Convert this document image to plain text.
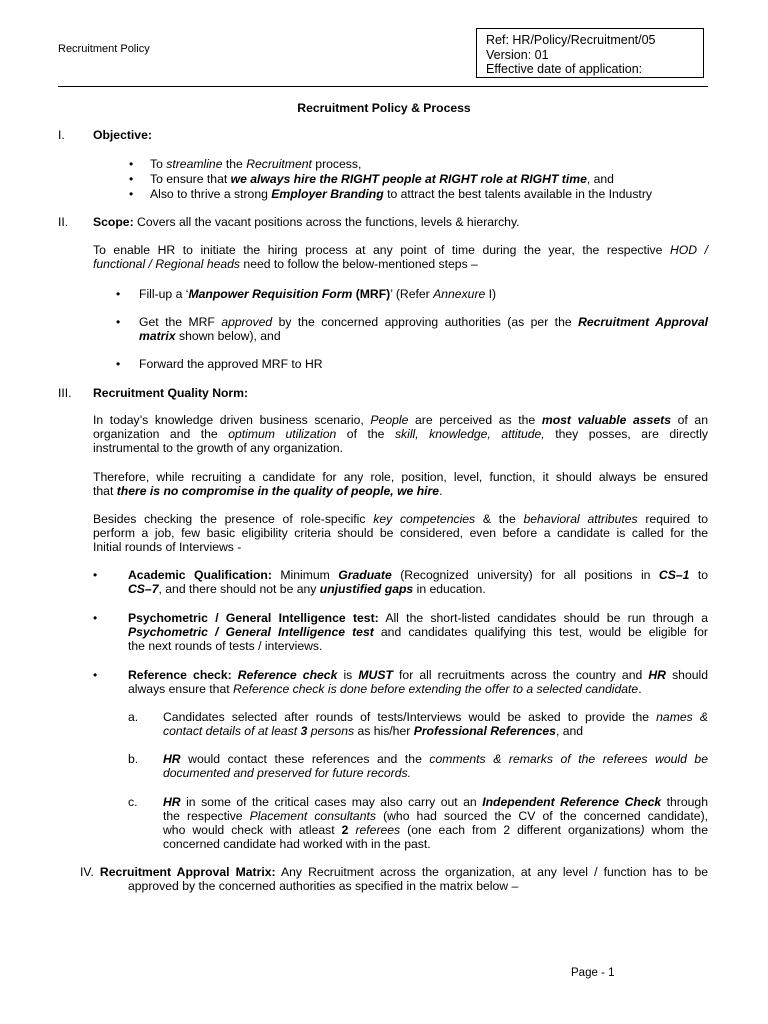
Recruitment Policy
Ref: HR/Policy/Recruitment/05
Version: 01
Effective date of application:
Recruitment Policy & Process
I. Objective:
• To streamline the Recruitment process,
• To ensure that we always hire the RIGHT people at RIGHT role at RIGHT time, and
• Also to thrive a strong Employer Branding to attract the best talents available in the Industry
II. Scope: Covers all the vacant positions across the functions, levels & hierarchy.
To enable HR to initiate the hiring process at any point of time during the year, the respective HOD /
functional / Regional heads need to follow the below-mentioned steps –
• Fill-up a ‘Manpower Requisition Form (MRF)’ (Refer Annexure I)
• Get the MRF approved by the concerned approving authorities (as per the Recruitment Approval
matrix shown below), and
• Forward the approved MRF to HR
III. Recruitment Quality Norm:
In today’s knowledge driven business scenario, People are perceived as the most valuable assets of an
organization and the optimum utilization of the skill, knowledge, attitude, they posses, are directly
instrumental to the growth of any organization.
Therefore, while recruiting a candidate for any role, position, level, function, it should always be ensured
that there is no compromise in the quality of people, we hire.
Besides checking the presence of role-specific key competencies & the behavioral attributes required to
perform a job, few basic eligibility criteria should be considered, even before a candidate is called for the
Initial rounds of Interviews -
•	Academic Qualification: Minimum Graduate (Recognized university) for all positions in CS–1 to
CS–7, and there should not be any unjustified gaps in education.
•	Psychometric / General Intelligence test: All the short-listed candidates should be run through a
Psychometric / General Intelligence test and candidates qualifying this test, would be eligible for
the next rounds of tests / interviews.
•	Reference check: Reference check is MUST for all recruitments across the country and HR should
always ensure that Reference check is done before extending the offer to a selected candidate.
a. Candidates selected after rounds of tests/Interviews would be asked to provide the names &
contact details of at least 3 persons as his/her Professional References, and
b. HR would contact these references and the comments & remarks of the referees would be
documented and preserved for future records.
c. HR in some of the critical cases may also carry out an Independent Reference Check through
the respective Placement consultants (who had sourced the CV of the concerned candidate),
who would check with atleast 2 referees (one each from 2 different organizations) whom the
concerned candidate had worked with in the past.
IV. Recruitment Approval Matrix: Any Recruitment across the organization, at any level / function has to be
approved by the concerned authorities as specified in the matrix below –
Page - 1
